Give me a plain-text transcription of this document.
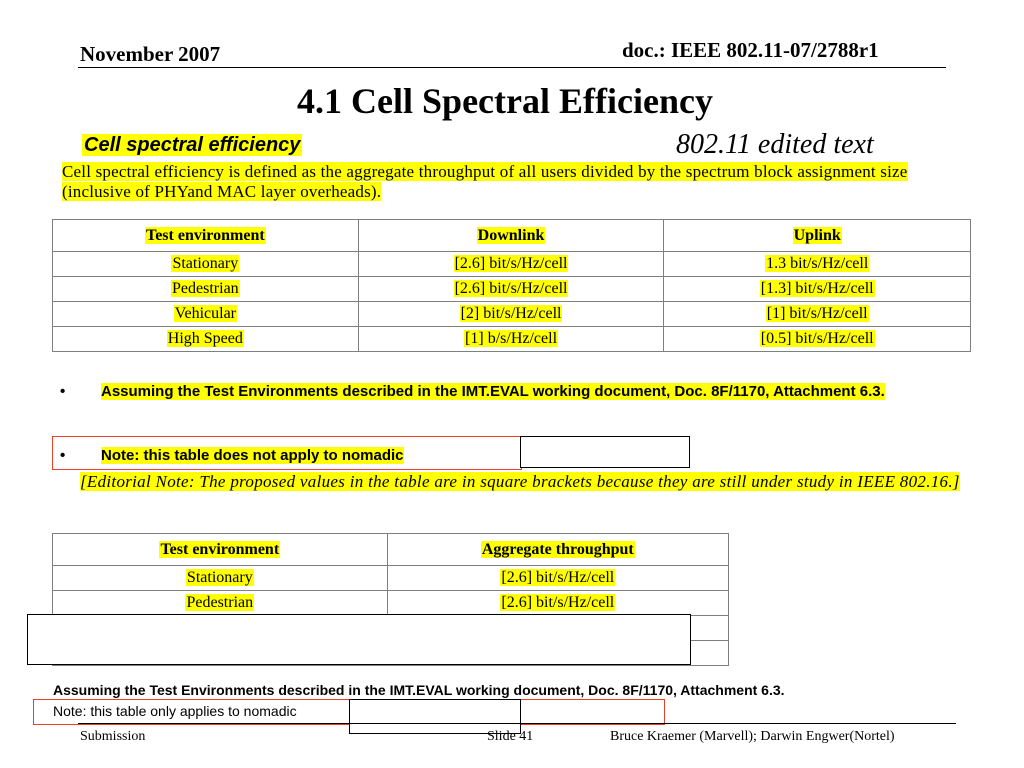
November 2007	doc.: IEEE 802.11-07/2788r1
4.1 Cell Spectral Efficiency
Cell spectral efficiency	802.11 edited text
Cell spectral efficiency is defined as the aggregate throughput of all users divided by the spectrum block assignment size (inclusive of PHYand MAC layer overheads).
Test environment	Downlink	Uplink
Stationary	[2.6] bit/s/Hz/cell	1.3 bit/s/Hz/cell
Pedestrian	[2.6] bit/s/Hz/cell	[1.3] bit/s/Hz/cell
Vehicular	[2] bit/s/Hz/cell	[1] bit/s/Hz/cell
High Speed	[1] b/s/Hz/cell	[0.5] bit/s/Hz/cell
• Assuming the Test Environments described in the IMT.EVAL working document, Doc. 8F/1170, Attachment 6.3.
• Note: this table does not apply to nomadic
[Editorial Note: The proposed values in the table are in square brackets because they are still under study in IEEE 802.16.]
Test environment	Aggregate throughput
Stationary	[2.6] bit/s/Hz/cell
Pedestrian	[2.6] bit/s/Hz/cell

Assuming the Test Environments described in the IMT.EVAL working document, Doc. 8F/1170, Attachment 6.3.
Note: this table only applies to nomadic
Submission	Slide 41	Bruce Kraemer (Marvell); Darwin Engwer(Nortel)
